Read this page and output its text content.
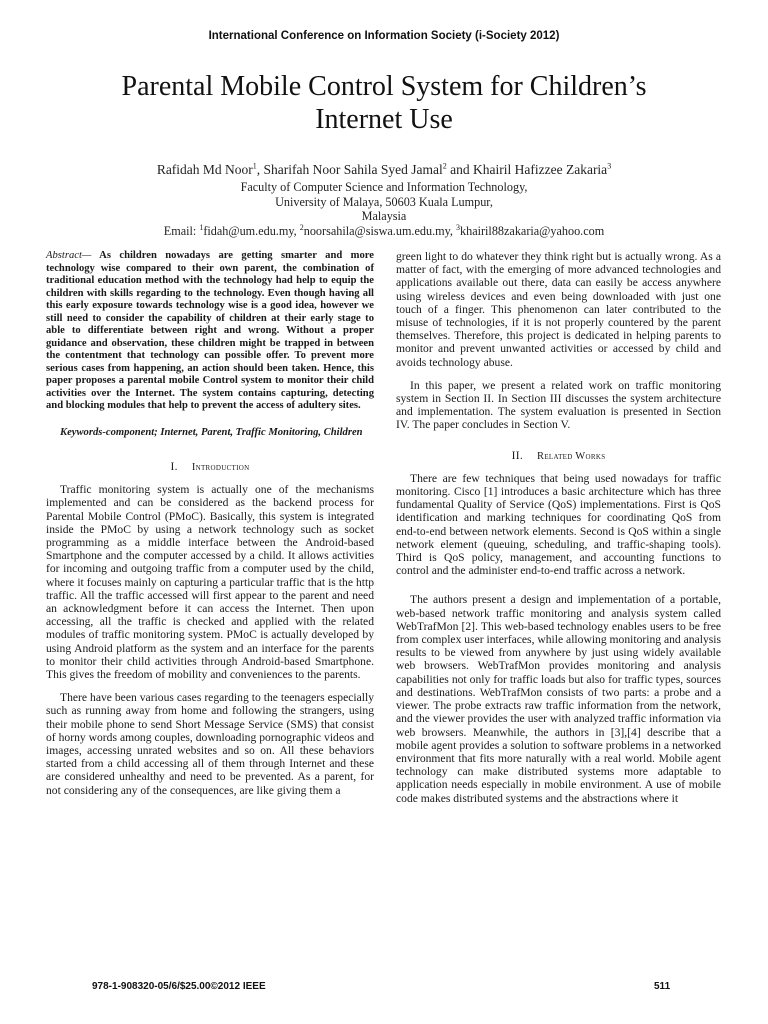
International Conference on Information Society (i-Society 2012)
Parental Mobile Control System for Children’s
Internet Use
Rafidah Md Noor$^1$, Sharifah Noor Sahila Syed Jamal$^2$ and Khairil Hafizzee Zakaria$^3$
Faculty of Computer Science and Information Technology,
University of Malaya, 50603 Kuala Lumpur,
Malaysia
Email: $^1$fidah@um.edu.my, $^2$noorsahila@siswa.um.edu.my, $^3$khairil88zakaria@yahoo.com

Abstract— As children nowadays are getting smarter and more technology wise compared to their own parent, the combination of traditional education method with the technology had help to equip the children with skills regarding to the technology. Even though having all this early exposure towards technology wise is a good idea, however we still need to consider the capability of children at their early stage to able to differentiate between right and wrong. Without a proper guidance and observation, these children might be trapped in between the contentment that technology can possible offer. To prevent more serious cases from happening, an action should been taken. Hence, this paper proposes a parental mobile Control system to monitor their child activities over the Internet. The system contains capturing, detecting and blocking modules that help to prevent the access of adultery sites.

Keywords-component; Internet, Parent, Traffic Monitoring, Children

I. Introduction

Traffic monitoring system is actually one of the mechanisms implemented and can be considered as the backend process for Parental Mobile Control (PMoC). Basically, this system is integrated inside the PMoC by using a network technology such as socket programming as a middle interface between the Android-based Smartphone and the computer accessed by a child. It allows activities for incoming and outgoing traffic from a computer used by the child, where it focuses mainly on capturing a particular traffic that is the http traffic. All the traffic accessed will first appear to the parent and need an acknowledgment before it can access the Internet. Then upon accessing, all the traffic is checked and applied with the related modules of traffic monitoring system. PMoC is actually developed by using Android platform as the system and an interface for the parents to monitor their child activities through Android-based Smartphone. This gives the freedom of mobility and conveniences to the parents.

There have been various cases regarding to the teenagers especially such as running away from home and following the strangers, using their mobile phone to send Short Message Service (SMS) that consist of horny words among couples, downloading pornographic videos and images, accessing unrated websites and so on. All these behaviors started from a child accessing all of them through Internet and these are considered unhealthy and need to be prevented. As a parent, for not considering any of the consequences, are like giving them a

green light to do whatever they think right but is actually wrong. As a matter of fact, with the emerging of more advanced technologies and applications available out there, data can easily be access anywhere using wireless devices and even being downloaded with just one touch of a finger. This phenomenon can later contributed to the misuse of technologies, if it is not properly countered by the parent themselves. Therefore, this project is dedicated in helping parents to monitor and prevent unwanted activities or accessed by child and avoids technology abuse.

In this paper, we present a related work on traffic monitoring system in Section II. In Section III discusses the system architecture and implementation. The system evaluation is presented in Section IV. The paper concludes in Section V.

II. Related Works

There are few techniques that being used nowadays for traffic monitoring. Cisco [1] introduces a basic architecture which has three fundamental Quality of Service (QoS) implementations. First is QoS identification and marking techniques for coordinating QoS from end-to-end between network elements. Second is QoS within a single network element (queuing, scheduling, and traffic-shaping tools). Third is QoS policy, management, and accounting functions to control and the administer end-to-end traffic across a network.

The authors present a design and implementation of a portable, web-based network traffic monitoring and analysis system called WebTrafMon [2]. This web-based technology enables users to be free from complex user interfaces, while allowing monitoring and analysis results to be viewed from anywhere by just using widely available web browsers. WebTrafMon provides monitoring and analysis capabilities not only for traffic loads but also for traffic types, sources and destinations. WebTrafMon consists of two parts: a probe and a viewer. The probe extracts raw traffic information from the network, and the viewer provides the user with analyzed traffic information via web browsers. Meanwhile, the authors in [3],[4] describe that a mobile agent provides a solution to software problems in a networked environment that fits more naturally with a real world. Mobile agent technology can make distributed systems more adaptable to application needs especially in mobile environment. A use of mobile code makes distributed systems and the abstractions where it

978-1-908320-05/6/$25.00©2012 IEEE	511
